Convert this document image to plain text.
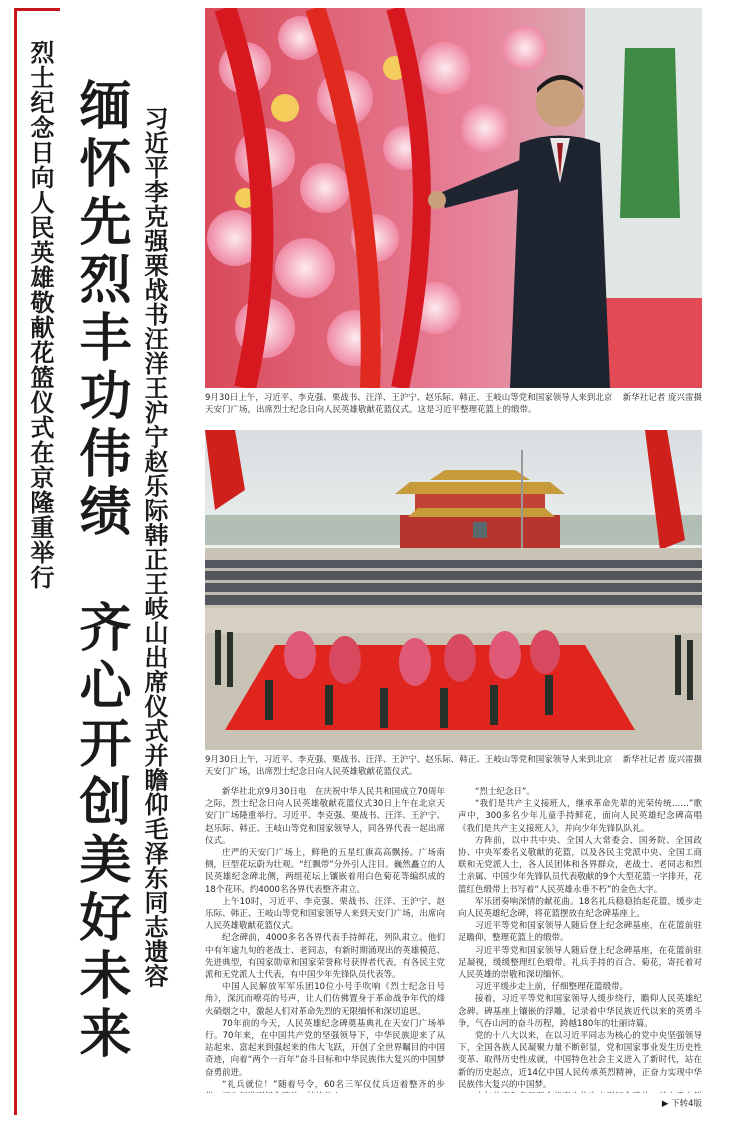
烈士纪念日向人民英雄敬献花篮仪式在京隆重举行 缅怀先烈丰功伟绩　齐心开创美好未来 习近平李克强栗战书汪洋王沪宁赵乐际韩正王岐山出席仪式并瞻仰毛泽东同志遗容	新华社记者 庞兴雷摄
9月30日上午，习近平、李克强、栗战书、汪洋、王沪宁、赵乐际、韩正、王岐山等党和国家领导人来到北京天安门广场，出席烈士纪念日向人民英雄敬献花篮仪式。这是习近平整理花篮上的缎带。
新华社记者 庞兴雷摄
9月30日上午，习近平、李克强、栗战书、汪洋、王沪宁、赵乐际、韩正、王岐山等党和国家领导人来到北京天安门广场，出席烈士纪念日向人民英雄敬献花篮仪式。

新华社北京9月30日电　在庆祝中华人民共和国成立70周年之际，烈士纪念日向人民英雄敬献花篮仪式30日上午在北京天安门广场隆重举行。习近平、李克强、栗战书、汪洋、王沪宁、赵乐际、韩正、王岐山等党和国家领导人，同各界代表一起出席仪式。

庄严的天安门广场上，鲜艳的五星红旗高高飘扬。广场南侧，巨型花坛蔚为壮观。“红飘带”分外引人注目。巍然矗立的人民英雄纪念碑北侧，两组花坛上镶嵌着用白色菊花等编织成的18个花环。约4000名各界代表整齐肃立。

上午10时，习近平、李克强、栗战书、汪洋、王沪宁、赵乐际、韩正、王岐山等党和国家领导人来到天安门广场，出席向人民英雄敬献花篮仪式。

纪念碑前，4000多名各界代表手持鲜花，列队肃立。他们中有年逾九旬的老战士、老同志，有新时期涌现出的英雄模范、先进典型，有国家勋章和国家荣誉称号获得者代表，有各民主党派和无党派人士代表，有中国少年先锋队员代表等。

中国人民解放军军乐团10位小号手吹响《烈士纪念日号角》，深沉而嘹亮的号声，让人们仿佛置身于革命战争年代的烽火硝烟之中，激起人们对革命先烈的无限缅怀和深切追思。

70年前的今天，人民英雄纪念碑奠基典礼在天安门广场举行。70年来，在中国共产党的坚强领导下，中华民族迎来了从站起来、富起来到强起来的伟大飞跃，开创了全世界瞩目的中国奇迹，向着“两个一百年”奋斗目标和中华民族伟大复兴的中国梦奋勇前进。

“礼兵就位！”随着号令，60名三军仪仗兵迈着整齐的步

“烈士纪念日”。

“我们是共产主义接班人，继承革命先辈的光荣传统……”歌声中，300多名少年儿童手持鲜花，面向人民英雄纪念碑高唱《我们是共产主义接班人》，并向少年先锋队队礼。

方阵前，以中共中央、全国人大常委会、国务院、全国政协、中央军委名义敬献的花篮，以及各民主党派中央、全国工商联和无党派人士，各人民团体和各界群众，老战士、老同志和烈士亲属、中国少年先锋队员代表敬献的9个大型花篮一字排开，花篮红色缎带上书写着“人民英雄永垂不朽”的金色大字。

军乐团奏响深情的献花曲。18名礼兵稳稳抬起花篮，缓步走向人民英雄纪念碑，将花篮摆放在纪念碑基座上。

习近平等党和国家领导人随后登上纪念碑基座，在花篮前驻足瞻仰，整理花篮上的缎带。

习近平等党和国家领导人随后登上纪念碑基座，在花篮前驻足凝视，缓缓整理红色缎带。礼兵手持的百合、菊花，寄托着对人民英雄的崇敬和深切缅怀。

习近平缓步走上前，仔细整理花篮缎带。

接着，习近平等党和国家领导人缓步绕行，瞻仰人民英雄纪念碑。碑基座上镶嵌的浮雕，记录着中华民族近代以来的英勇斗争，气吞山河的奋斗历程，跨越180年的壮丽诗篇。

党的十八大以来，在以习近平同志为核心的党中央坚强领导下，全国各族人民凝聚力量不断彰显，党和国家事业发生历史性变革、取得历史性成就，中国特色社会主义进入了新时代，站在新的历史起点，近14亿中国人民传承英烈精神，正奋力实现中华民族伟大复兴的中国梦。

▶ 下转4版
